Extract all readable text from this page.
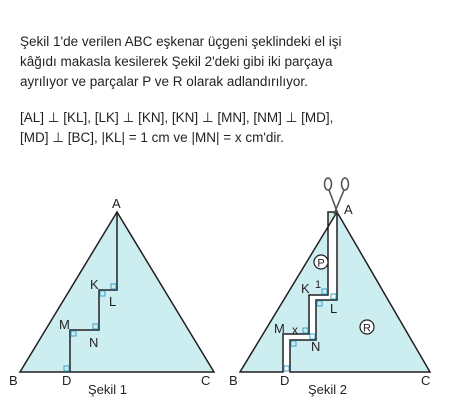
Şekil 1'de verilen ABC eşkenar üçgeni şeklindeki el işi
kâğıdı makasla kesilerek Şekil 2'deki gibi iki parçaya
ayrılıyor ve parçalar P ve R olarak adlandırılıyor.
[AL] ⊥ [KL], [LK] ⊥ [KN], [KN] ⊥ [MN], [NM] ⊥ [MD],
[MD] ⊥ [BC], |KL| = 1 cm ve |MN| = x cm'dir.
A
B	C
D
K
L
M
N
Şekil 1
P
R
A
B	C
D
K
L
M
N
1
x
Şekil 2
